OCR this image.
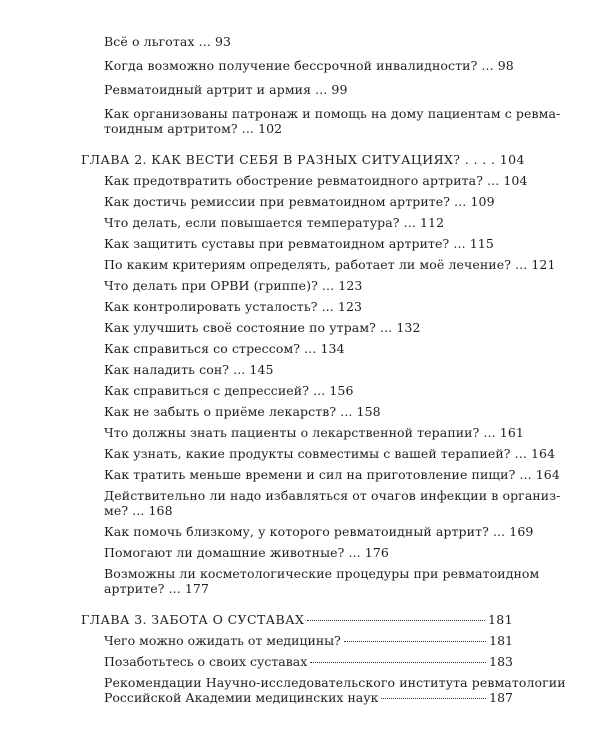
Всё о льготах ... 93
Когда возможно получение бессрочной инвалидности? ... 98
Ревматоидный артрит и армия ... 99
Как организованы патронаж и помощь на дому пациентам с ревма-
тоидным артритом? ... 102
ГЛАВА 2. КАК ВЕСТИ СЕБЯ В РАЗНЫХ СИТУАЦИЯХ? . . . . 104
Как предотвратить обострение ревматоидного артрита? ... 104
Как достичь ремиссии при ревматоидном артрите? ... 109
Что делать, если повышается температура? ... 112
Как защитить суставы при ревматоидном артрите? ... 115
По каким критериям определять, работает ли моё лечение? ... 121
Что делать при ОРВИ (гриппе)? ... 123
Как контролировать усталость? ... 123
Как улучшить своё состояние по утрам? ... 132
Как справиться со стрессом? ... 134
Как наладить сон? ... 145
Как справиться с депрессией? ... 156
Как не забыть о приёме лекарств? ... 158
Что должны знать пациенты о лекарственной терапии? ... 161
Как узнать, какие продукты совместимы с вашей терапией? ... 164
Как тратить меньше времени и сил на приготовление пищи? ... 164
Действительно ли надо избавляться от очагов инфекции в организ-
ме? ... 168
Как помочь близкому, у которого ревматоидный артрит? ... 169
Помогают ли домашние животные? ... 176
Возможны ли косметологические процедуры при ревматоидном
артрите? ... 177
ГЛАВА 3. ЗАБОТА О СУСТАВАХ	181
Чего можно ожидать от медицины?	181
Позаботьтесь о своих суставах	183
Рекомендации Научно-исследовательского института ревматологии
Российской Академии медицинских наук	187
